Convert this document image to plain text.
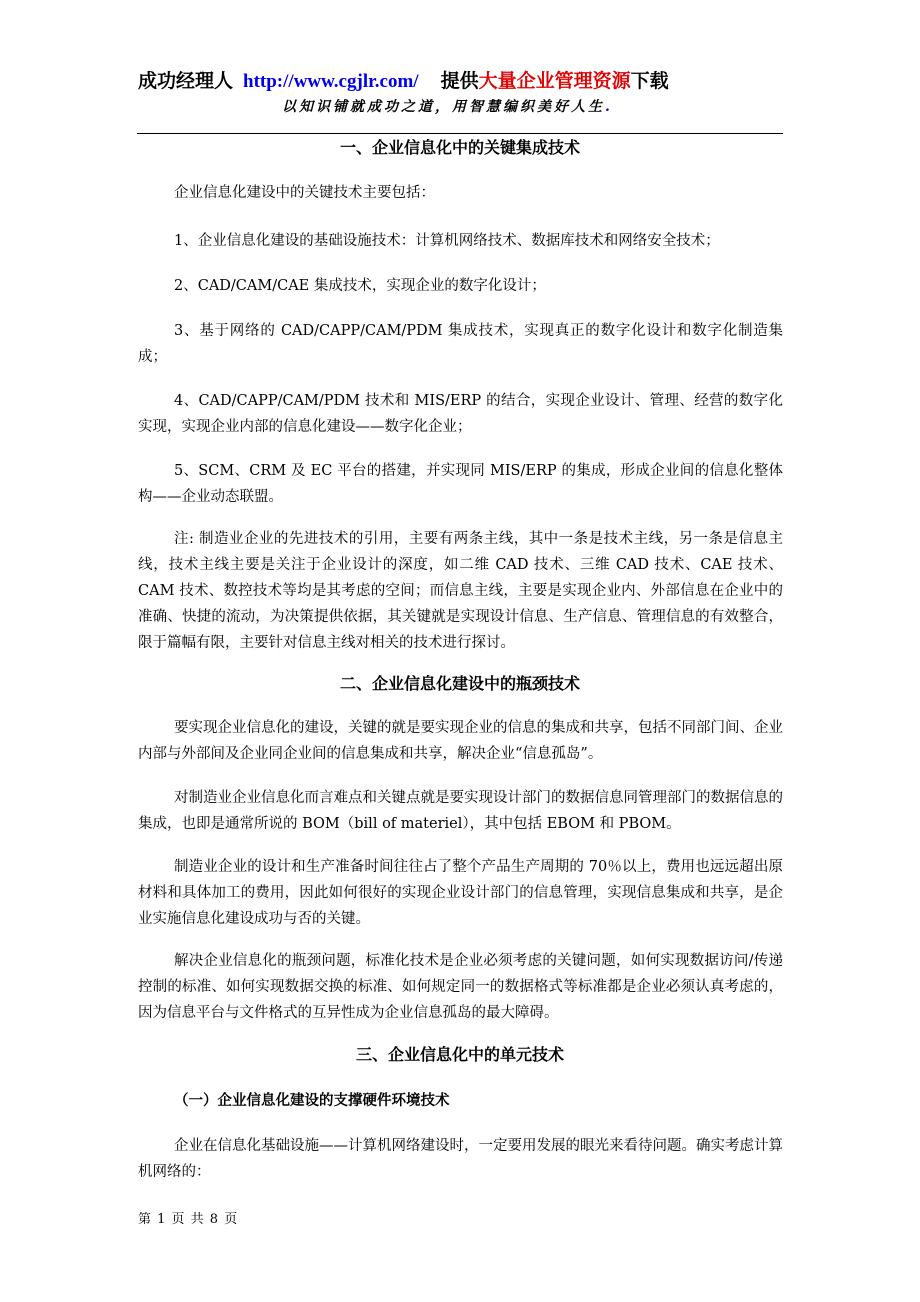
成功经理人 http://www.cgjlr.com/ 提供大量企业管理资源下载
以知识铺就成功之道，用智慧编织美好人生.
一、企业信息化中的关键集成技术

企业信息化建设中的关键技术主要包括：

1、企业信息化建设的基础设施技术：计算机网络技术、数据库技术和网络安全技术；

2、CAD/CAM/CAE 集成技术，实现企业的数字化设计；

3、基于网络的 CAD/CAPP/CAM/PDM 集成技术，实现真正的数字化设计和数字化制造集成；

4、CAD/CAPP/CAM/PDM 技术和 MIS/ERP 的结合，实现企业设计、管理、经营的数字化实现，实现企业内部的信息化建设——数字化企业；

5、SCM、CRM 及 EC 平台的搭建，并实现同 MIS/ERP 的集成，形成企业间的信息化整体构——企业动态联盟。

注: 制造业企业的先进技术的引用，主要有两条主线，其中一条是技术主线，另一条是信息主线，技术主线主要是关注于企业设计的深度，如二维 CAD 技术、三维 CAD 技术、CAE 技术、CAM 技术、数控技术等均是其考虑的空间；而信息主线，主要是实现企业内、外部信息在企业中的准确、快捷的流动，为决策提供依据，其关键就是实现设计信息、生产信息、管理信息的有效整合，限于篇幅有限，主要针对信息主线对相关的技术进行探讨。

二、企业信息化建设中的瓶颈技术

要实现企业信息化的建设，关键的就是要实现企业的信息的集成和共享，包括不同部门间、企业内部与外部间及企业同企业间的信息集成和共享，解决企业“信息孤岛”。

对制造业企业信息化而言难点和关键点就是要实现设计部门的数据信息同管理部门的数据信息的集成，也即是通常所说的 BOM（bill of materiel），其中包括 EBOM 和 PBOM。

制造业企业的设计和生产准备时间往往占了整个产品生产周期的 70％以上，费用也远远超出原材料和具体加工的费用，因此如何很好的实现企业设计部门的信息管理，实现信息集成和共享，是企业实施信息化建设成功与否的关键。

解决企业信息化的瓶颈问题，标准化技术是企业必须考虑的关键问题，如何实现数据访问/传递控制的标准、如何实现数据交换的标准、如何规定同一的数据格式等标准都是企业必须认真考虑的，因为信息平台与文件格式的互异性成为企业信息孤岛的最大障碍。

三、企业信息化中的单元技术
（一）企业信息化建设的支撑硬件环境技术

企业在信息化基础设施——计算机网络建设时，一定要用发展的眼光来看待问题。确实考虑计算机网络的：

第 1 页 共 8 页
